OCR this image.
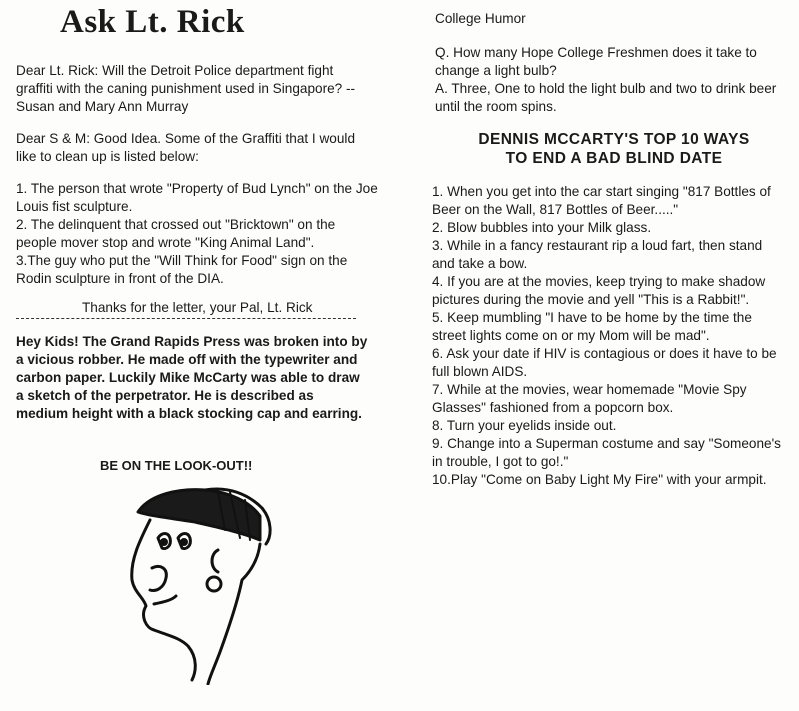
Ask Lt. Rick

Dear Lt. Rick: Will the Detroit Police department fight graffiti with the caning punishment used in Singapore? -- Susan and Mary Ann Murray

Dear S & M: Good Idea. Some of the Graffiti that I would like to clean up is listed below:

1. The person that wrote "Property of Bud Lynch" on the Joe Louis fist sculpture.
2. The delinquent that crossed out "Bricktown" on the people mover stop and wrote "King Animal Land".
3.The guy who put the "Will Think for Food" sign on the Rodin sculpture in front of the DIA.

Thanks for the letter, your Pal, Lt. Rick

Hey Kids! The Grand Rapids Press was broken into by a vicious robber. He made off with the typewriter and carbon paper. Luckily Mike McCarty was able to draw a sketch of the perpetrator. He is described as medium height with a black stocking cap and earring.

BE ON THE LOOK-OUT!!

College Humor

Q. How many Hope College Freshmen does it take to change a light bulb?

A. Three, One to hold the light bulb and two to drink beer until the room spins.

DENNIS MCCARTY'S TOP 10 WAYS
TO END A BAD BLIND DATE
1. When you get into the car start singing "817 Bottles of Beer on the Wall, 817 Bottles of Beer....."
2. Blow bubbles into your Milk glass.
3. While in a fancy restaurant rip a loud fart, then stand and take a bow.
4. If you are at the movies, keep trying to make shadow pictures during the movie and yell "This is a Rabbit!".
5. Keep mumbling "I have to be home by the time the street lights come on or my Mom will be mad".
6. Ask your date if HIV is contagious or does it have to be full blown AIDS.
7. While at the movies, wear homemade "Movie Spy Glasses" fashioned from a popcorn box.
8. Turn your eyelids inside out.
9. Change into a Superman costume and say "Someone's in trouble, I got to go!."
10.Play "Come on Baby Light My Fire" with your armpit.
